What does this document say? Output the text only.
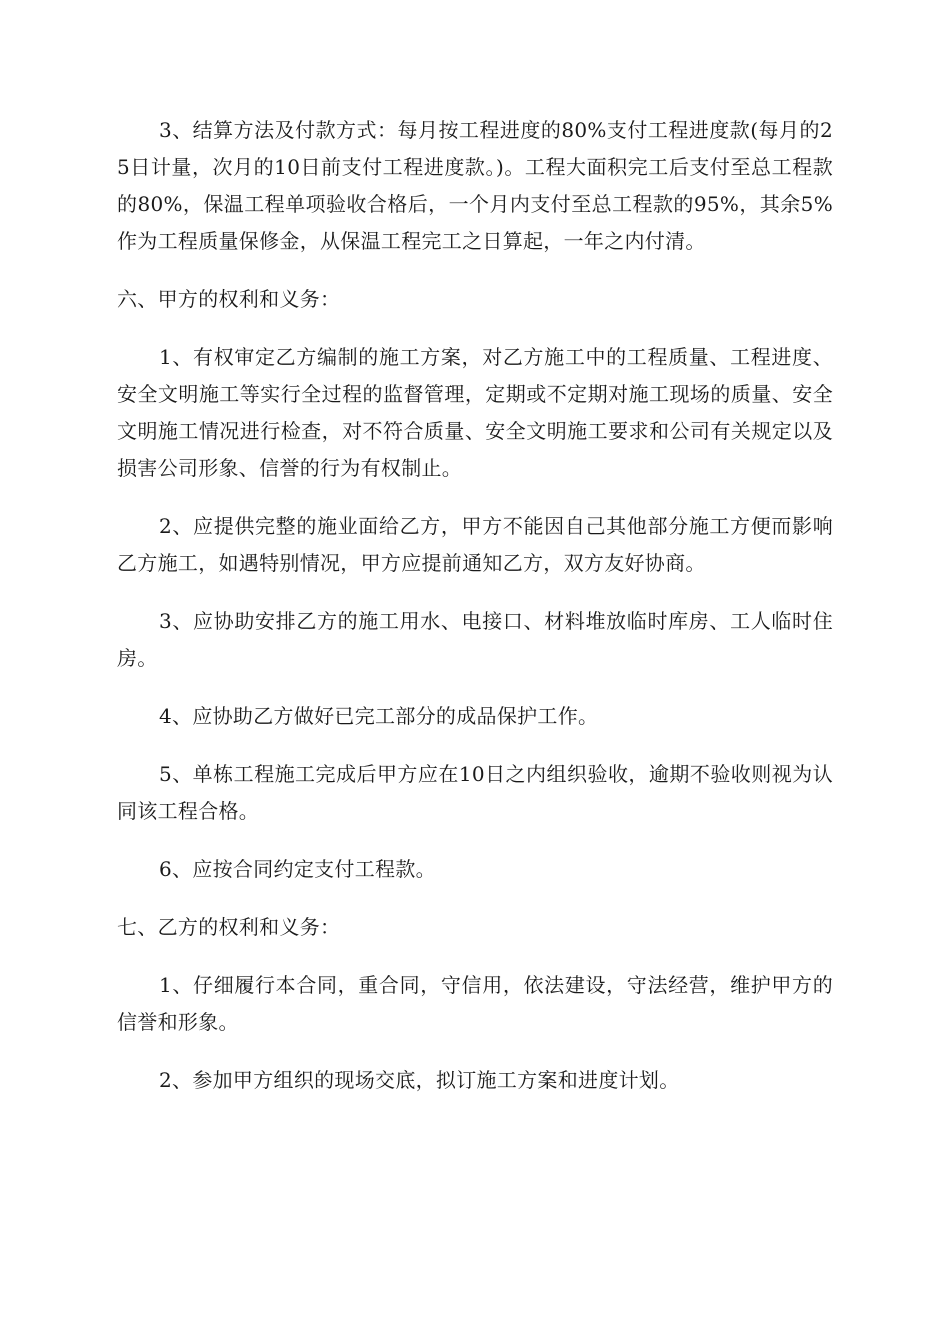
3、结算方法及付款方式：每月按工程进度的80%支付工程进度款(每月的25日计量，次月的10日前支付工程进度款。)。工程大面积完工后支付至总工程款的80%，保温工程单项验收合格后，一个月内支付至总工程款的95%，其余5%作为工程质量保修金，从保温工程完工之日算起，一年之内付清。

六、甲方的权利和义务：

1、有权审定乙方编制的施工方案，对乙方施工中的工程质量、工程进度、安全文明施工等实行全过程的监督管理，定期或不定期对施工现场的质量、安全文明施工情况进行检查，对不符合质量、安全文明施工要求和公司有关规定以及损害公司形象、信誉的行为有权制止。

2、应提供完整的施业面给乙方，甲方不能因自己其他部分施工方便而影响乙方施工，如遇特别情况，甲方应提前通知乙方，双方友好协商。

3、应协助安排乙方的施工用水、电接口、材料堆放临时库房、工人临时住房。

4、应协助乙方做好已完工部分的成品保护工作。

5、单栋工程施工完成后甲方应在10日之内组织验收，逾期不验收则视为认同该工程合格。

6、应按合同约定支付工程款。

七、乙方的权利和义务：

1、仔细履行本合同，重合同，守信用，依法建设，守法经营，维护甲方的信誉和形象。

2、参加甲方组织的现场交底，拟订施工方案和进度计划。
